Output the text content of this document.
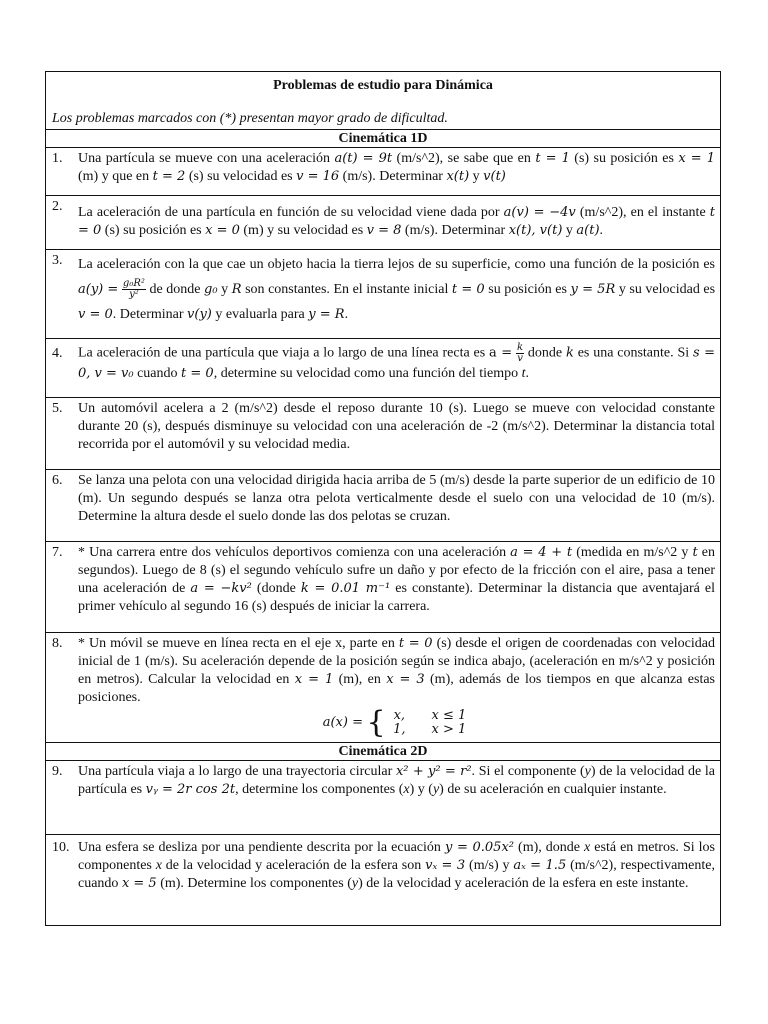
Problemas de estudio para Dinámica
Los problemas marcados con (*) presentan mayor grado de dificultad.
Cinemática 1D
1.	Una partícula se mueve con una aceleración a(t) = 9t (m/s^2), se sabe que en t = 1 (s) su posición es x = 1 (m) y que en t = 2 (s) su velocidad es v = 16 (m/s). Determinar x(t) y v(t)
2.	La aceleración de una partícula en función de su velocidad viene dada por a(v) = −4v (m/s^2), en el instante t = 0 (s) su posición es x = 0 (m) y su velocidad es v = 8 (m/s). Determinar x(t), v(t) y a(t).
3.	La aceleración con la que cae un objeto hacia la tierra lejos de su superficie, como una función de la posición es $a(y) = \frac{\text{g₀R²}}{\text{y²}}$ de donde g₀ y R son constantes. En el instante inicial t = 0 su posición es y = 5R y su velocidad es v = 0. Determinar v(y) y evaluarla para y = R.
4.	La aceleración de una partícula que viaja a lo largo de una línea recta es $a = \frac{k}{v}$ donde k es una constante. Si s = 0, v = v₀ cuando t = 0, determine su velocidad como una función del tiempo t.
5.	Un automóvil acelera a 2 (m/s^2) desde el reposo durante 10 (s). Luego se mueve con velocidad constante durante 20 (s), después disminuye su velocidad con una aceleración de -2 (m/s^2). Determinar la distancia total recorrida por el automóvil y su velocidad media.
6.	Se lanza una pelota con una velocidad dirigida hacia arriba de 5 (m/s) desde la parte superior de un edificio de 10 (m). Un segundo después se lanza otra pelota verticalmente desde el suelo con una velocidad de 10 (m/s). Determine la altura desde el suelo donde las dos pelotas se cruzan.
7.	* Una carrera entre dos vehículos deportivos comienza con una aceleración a = 4 + t (medida en m/s^2 y t en segundos). Luego de 8 (s) el segundo vehículo sufre un daño y por efecto de la fricción con el aire, pasa a tener una aceleración de a = −kv² (donde k = 0.01 m⁻¹ es constante). Determinar la distancia que aventajará el primer vehículo al segundo 16 (s) después de iniciar la carrera.
8.	* Un móvil se mueve en línea recta en el eje x, parte en t = 0 (s) desde el origen de coordenadas con velocidad inicial de 1 (m/s). Su aceleración depende de la posición según se indica abajo, (aceleración en m/s^2 y posición en metros). Calcular la velocidad en x = 1 (m), en x = 3 (m), además de los tiempos en que alcanza estas posiciones.
a(x) = { x,	x ≤ 1
1,	x > 1
Cinemática 2D
9.	Una partícula viaja a lo largo de una trayectoria circular x² + y² = r². Si el componente (y) de la velocidad de la partícula es vᵧ = 2r cos 2t, determine los componentes (x) y (y) de su aceleración en cualquier instante.
10. Una esfera se desliza por una pendiente descrita por la ecuación y = 0.05x² (m), donde x está en metros. Si los componentes x de la velocidad y aceleración de la esfera son vₓ = 3 (m/s) y aₓ = 1.5 (m/s^2), respectivamente, cuando x = 5 (m). Determine los componentes (y) de la velocidad y aceleración de la esfera en este instante.
